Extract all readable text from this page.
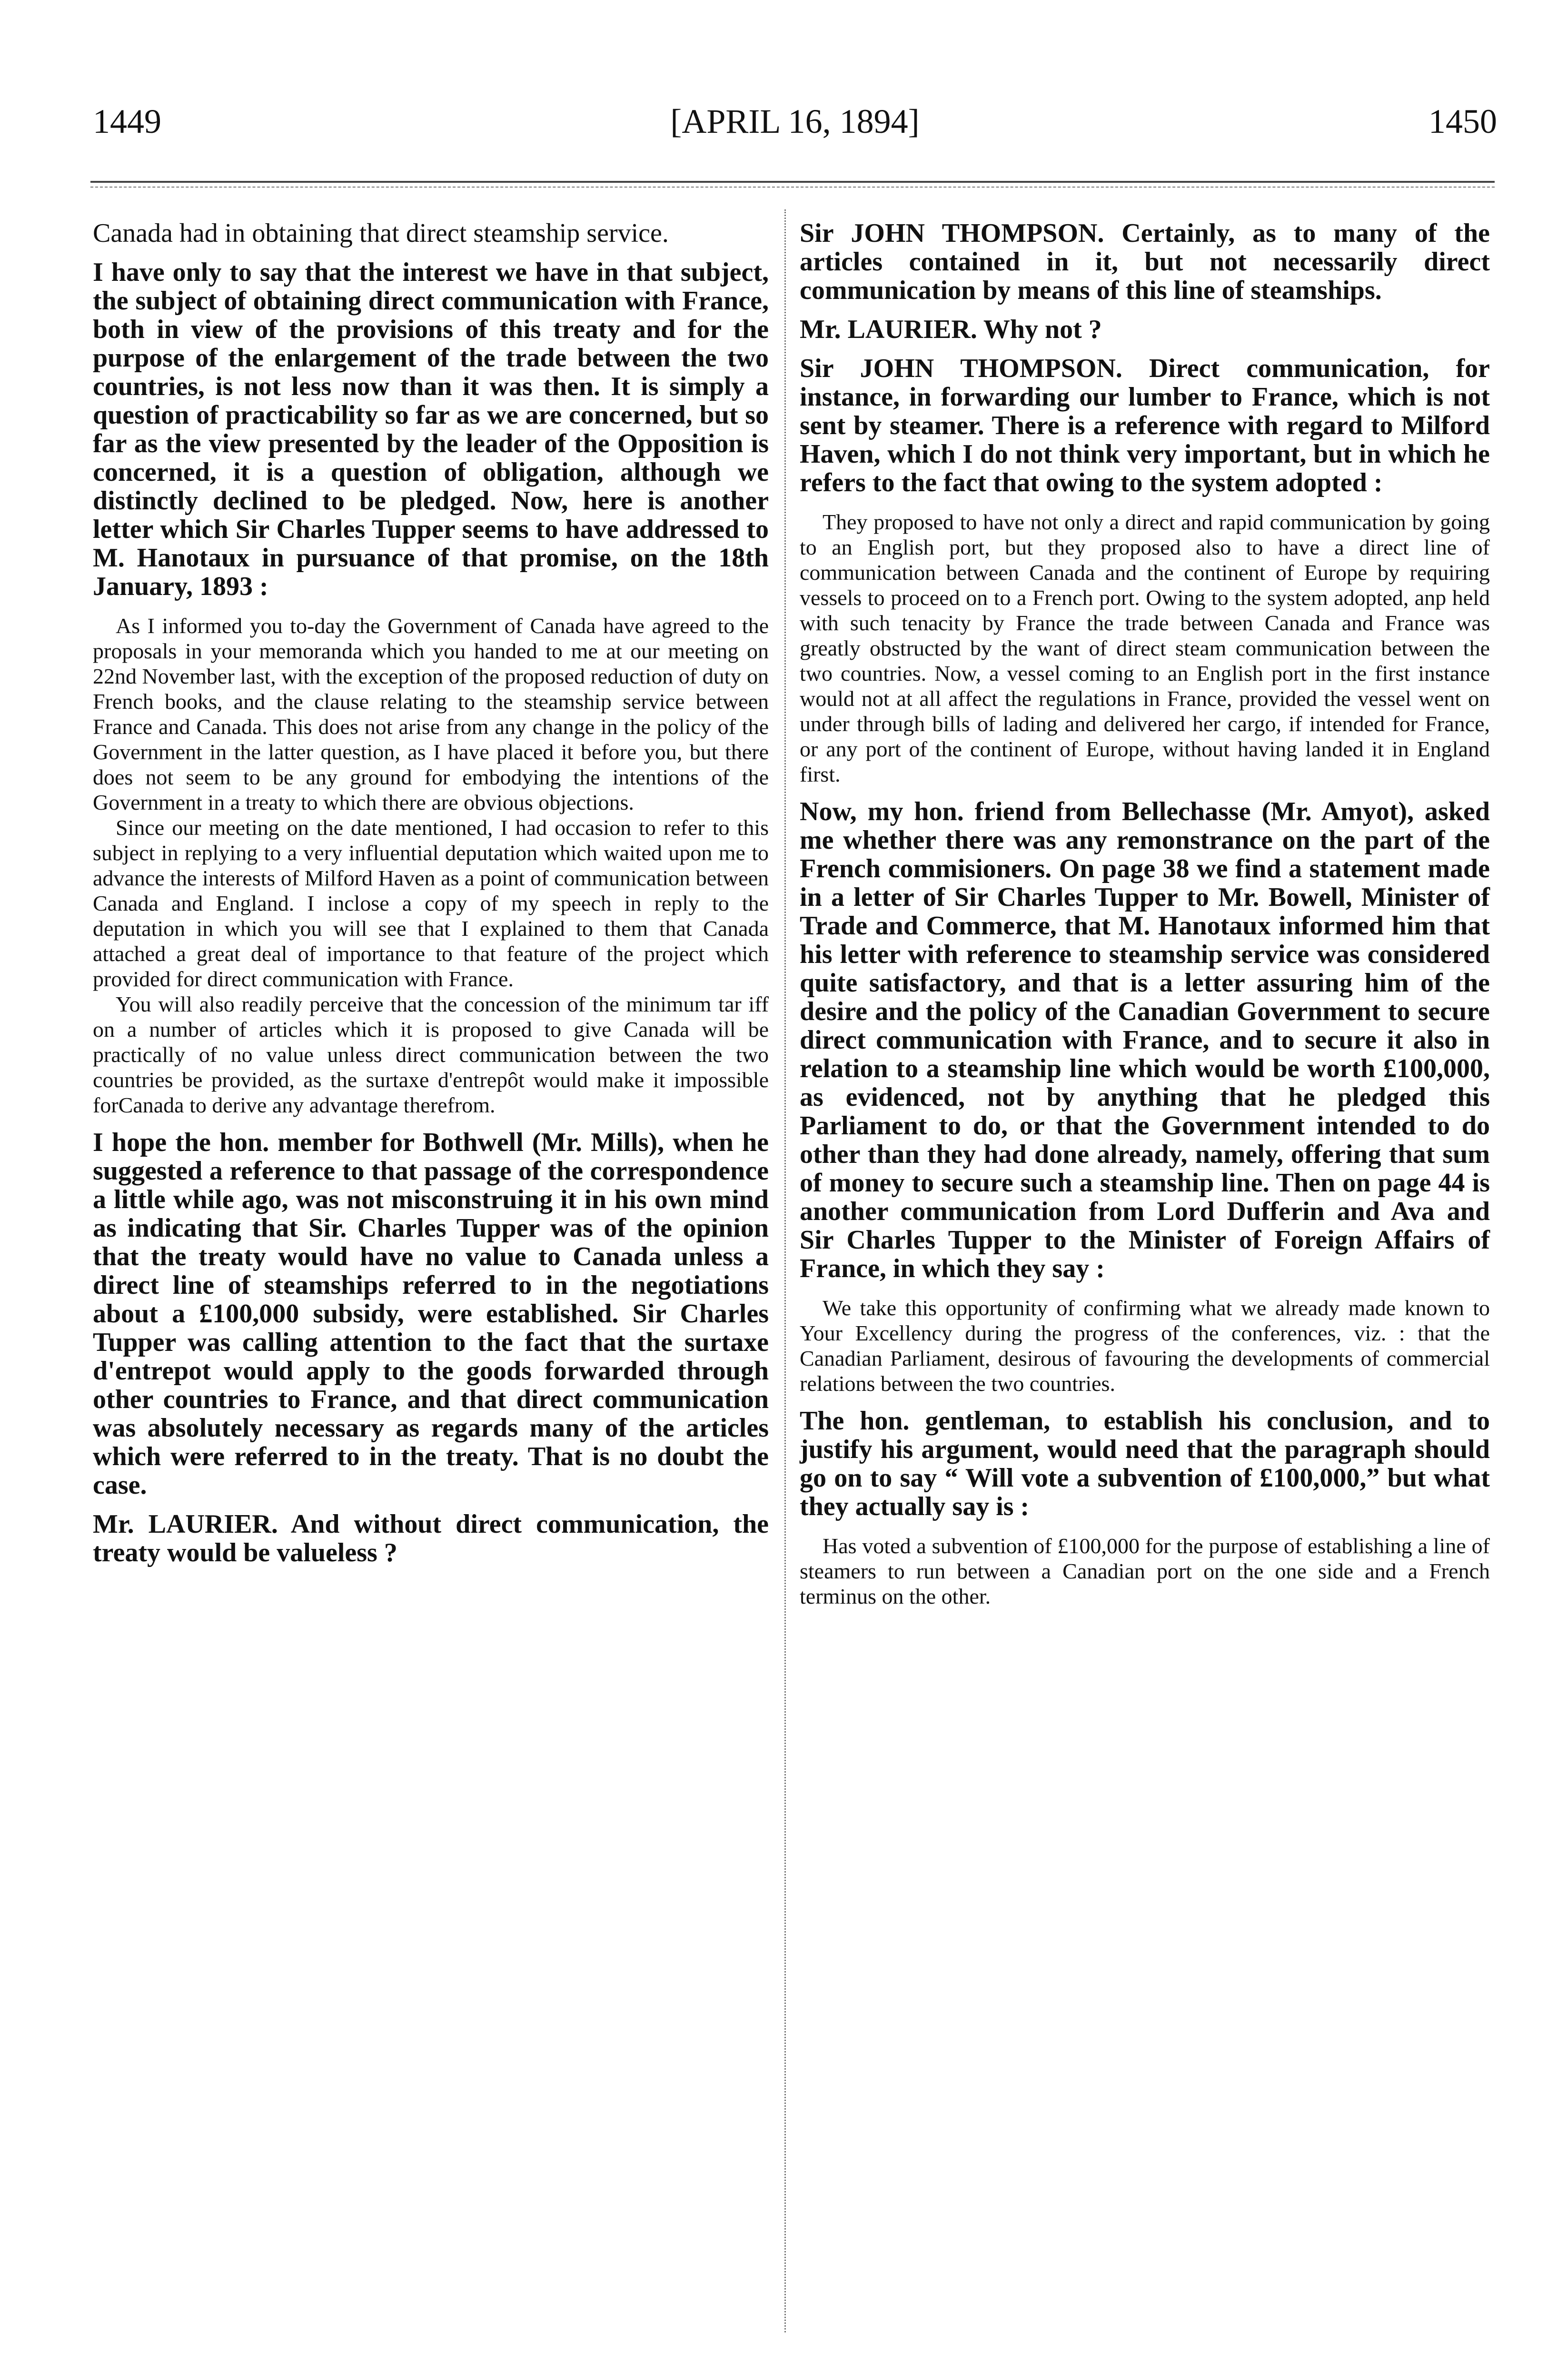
1449	[APRIL 16, 1894]	1450

Canada had in obtaining that direct steamship service.

I have only to say that the interest we have in that subject, the subject of obtaining direct communication with France, both in view of the provisions of this treaty and for the purpose of the enlargement of the trade between the two countries, is not less now than it was then. It is simply a question of practicability so far as we are concerned, but so far as the view presented by the leader of the Opposition is concerned, it is a question of obligation, although we distinctly declined to be pledged. Now, here is another letter which Sir Charles Tupper seems to have addressed to M. Hanotaux in pursuance of that promise, on the 18th January, 1893 :

As I informed you to-day the Government of Canada have agreed to the proposals in your memoranda which you handed to me at our meeting on 22nd November last, with the exception of the proposed reduction of duty on French books, and the clause relating to the steamship service between France and Canada. This does not arise from any change in the policy of the Government in the latter question, as I have placed it before you, but there does not seem to be any ground for embodying the intentions of the Government in a treaty to which there are obvious objections.

Since our meeting on the date mentioned, I had occasion to refer to this subject in replying to a very influential deputation which waited upon me to advance the interests of Milford Haven as a point of communication between Canada and England. I inclose a copy of my speech in reply to the deputation in which you will see that I explained to them that Canada attached a great deal of importance to that feature of the project which provided for direct communication with France.

You will also readily perceive that the concession of the minimum tar iff on a number of articles which it is proposed to give Canada will be practically of no value unless direct communication between the two countries be provided, as the surtaxe d'entrepôt would make it impossible forCanada to derive any advantage therefrom.

I hope the hon. member for Bothwell (Mr. Mills), when he suggested a reference to that passage of the correspondence a little while ago, was not misconstruing it in his own mind as indicating that Sir. Charles Tupper was of the opinion that the treaty would have no value to Canada unless a direct line of steamships referred to in the negotiations about a £100,000 subsidy, were established. Sir Charles Tupper was calling attention to the fact that the surtaxe d'entrepot would apply to the goods forwarded through other countries to France, and that direct communication was absolutely necessary as regards many of the articles which were referred to in the treaty. That is no doubt the case.

Mr. LAURIER. And without direct communication, the treaty would be valueless ?

Sir JOHN THOMPSON. Certainly, as to many of the articles contained in it, but not necessarily direct communication by means of this line of steamships.

Mr. LAURIER. Why not ?

Sir JOHN THOMPSON. Direct communication, for instance, in forwarding our lumber to France, which is not sent by steamer. There is a reference with regard to Milford Haven, which I do not think very important, but in which he refers to the fact that owing to the system adopted :

They proposed to have not only a direct and rapid communication by going to an English port, but they proposed also to have a direct line of communication between Canada and the continent of Europe by requiring vessels to proceed on to a French port. Owing to the system adopted, anp held with such tenacity by France the trade between Canada and France was greatly obstructed by the want of direct steam communication between the two countries. Now, a vessel coming to an English port in the first instance would not at all affect the regulations in France, provided the vessel went on under through bills of lading and delivered her cargo, if intended for France, or any port of the continent of Europe, without having landed it in England first.

Now, my hon. friend from Bellechasse (Mr. Amyot), asked me whether there was any remonstrance on the part of the French commisioners. On page 38 we find a statement made in a letter of Sir Charles Tupper to Mr. Bowell, Minister of Trade and Commerce, that M. Hanotaux informed him that his letter with reference to steamship service was considered quite satisfactory, and that is a letter assuring him of the desire and the policy of the Canadian Government to secure direct communication with France, and to secure it also in relation to a steamship line which would be worth £100,000, as evidenced, not by anything that he pledged this Parliament to do, or that the Government intended to do other than they had done already, namely, offering that sum of money to secure such a steamship line. Then on page 44 is another communication from Lord Dufferin and Ava and Sir Charles Tupper to the Minister of Foreign Affairs of France, in which they say :

We take this opportunity of confirming what we already made known to Your Excellency during the progress of the conferences, viz. : that the Canadian Parliament, desirous of favouring the developments of commercial relations between the two countries.

The hon. gentleman, to establish his conclusion, and to justify his argument, would need that the paragraph should go on to say “ Will vote a subvention of £100,000,” but what they actually say is :

Has voted a subvention of £100,000 for the purpose of establishing a line of steamers to run between a Canadian port on the one side and a French terminus on the other.
